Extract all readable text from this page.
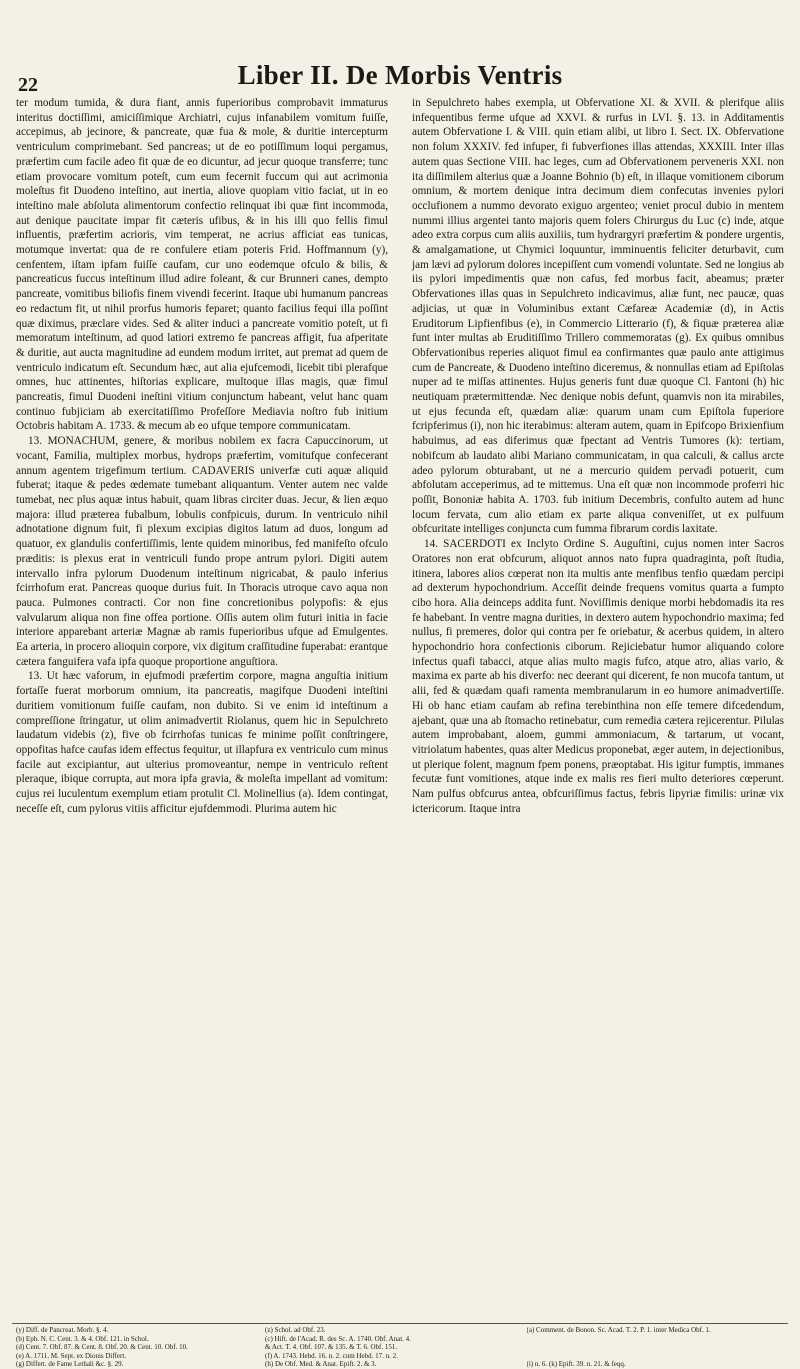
22	Liber II. De Morbis Ventris

ter modum tumida, & dura fiant, annis fuperioribus comprobavit immaturus interitus doctiſſimi, amiciſſimique Archiatri, cujus infanabilem vomitum fuiſſe, accepimus, ab jecinore, & pancreate, quæ fua & mole, & duritie intercepturm ventriculum comprimebant. Sed pancreas; ut de eo potiſſimum loqui pergamus, præfertim cum facile adeo fit quæ de eo dicuntur, ad jecur quoque transferre; tunc etiam provocare vomitum poteſt, cum eum fecernit fuccum qui aut acrimonia moleſtus fit Duodeno inteſtino, aut inertia, aliove quopiam vitio faciat, ut in eo inteſtino male abſoluta alimentorum confectio relinquat ibi quæ fint incommoda, aut denique paucitate impar fit cæteris ufibus, & in his illi quo fellis fimul influentis, præfertim acrioris, vim temperat, ne acrius afficiat eas tunicas, motumque invertat: qua de re confulere etiam poteris Frid. Hoffmannum (y), cenfentem, iſtam ipfam fuiſſe caufam, cur uno eodemque ofculo & bilis, & pancreaticus fuccus inteſtinum illud adire foleant, & cur Brunneri canes, dempto pancreate, vomitibus biliofis finem vivendi fecerint. Itaque ubi humanum pancreas eo redactum fit, ut nihil prorfus humoris feparet; quanto facilius fequi illa poſſint quæ diximus, præclare vides. Sed & aliter induci a pancreate vomitio poteſt, ut fi memoratum inteſtinum, ad quod latiori extremo fe pancreas affigit, fua afperitate & duritie, aut aucta magnitudine ad eundem modum irritet, aut premat ad quem de ventriculo indicatum eſt. Secundum hæc, aut alia ejufcemodi, licebit tibi plerafque omnes, huc attinentes, hiſtorias explicare, multoque illas magis, quæ fimul pancreatis, fimul Duodeni ineſtini vitium conjunctum habeant, velut hanc quam continuo fubjiciam ab exercitatiſſimo Profeſſore Mediavia noſtro fub initium Octobris habitam A. 1733. & mecum ab eo ufque tempore communicatam.

13. MONACHUM, genere, & moribus nobilem ex facra Capuccinorum, ut vocant, Familia, multiplex morbus, hydrops præfertim, vomitufque confecerant annum agentem trigefimum tertium. CADAVERIS univerfæ cuti aquæ aliquid fuberat; itaque & pedes œdemate tumebant aliquantum. Venter autem nec valde tumebat, nec plus aquæ intus habuit, quam libras circiter duas. Jecur, & lien æquo majora: illud præterea fubalbum, lobulis confpicuis, durum. In ventriculo nihil adnotatione dignum fuit, fi plexum excipias digitos latum ad duos, longum ad quatuor, ex glandulis confertiſſimis, lente quidem minoribus, fed manifeſto ofculo præditis: is plexus erat in ventriculi fundo prope antrum pylori. Digiti autem intervallo infra pylorum Duodenum inteſtinum nigricabat, & paulo inferius fcirrhofum erat. Pancreas quoque durius fuit. In Thoracis utroque cavo aqua non pauca. Pulmones contracti. Cor non fine concretionibus polypofis: & ejus valvularum aliqua non fine offea portione. Oſſis autem olim futuri initia in facie interiore apparebant arteriæ Magnæ ab ramis fuperioribus ufque ad Emulgentes. Ea arteria, in procero alioquin corpore, vix digitum craſſitudine fuperabat: erantque cætera fanguifera vafa ipfa quoque proportione anguſtiora.

13. Ut hæc vaforum, in ejufmodi præfertim corpore, magna anguſtia initium fortaſſe fuerat morborum omnium, ita pancreatis, magifque Duodeni inteſtini duritiem vomitionum fuiſſe caufam, non dubito. Si ve enim id inteſtinum a compreſſione ſtringatur, ut olim animadvertit Riolanus, quem hic in Sepulchreto laudatum videbis (z), five ob fcirrhofas tunicas fe minime poſſit conſtringere, oppofitas hafce caufas idem effectus fequitur, ut illapfura ex ventriculo cum minus facile aut excipiantur, aut ulterius promoveantur, nempe in ventriculo reſtent pleraque, ibique corrupta, aut mora ipfa gravia, & moleſta impellant ad vomitum: cujus rei luculentum exemplum etiam protulit Cl. Molinellius (a). Idem contingat, neceſſe eſt, cum pylorus vitiis afficitur ejufdemmodi. Plurima autem hic

in Sepulchreto habes exempla, ut Obfervatione XI. & XVII. & plerifque aliis infequentibus ferme ufque ad XXVI. & rurfus in LVI. §. 13. in Additamentis autem Obfervatione I. & VIII. quin etiam alibi, ut libro I. Sect. IX. Obfervatione non folum XXXIV. fed infuper, fi fubverfiones illas attendas, XXXIII. Inter illas autem quas Sectione VIII. hac leges, cum ad Obfervationem perveneris XXI. non ita diſſimilem alterius quæ a Joanne Bohnio (b) eſt, in illaque vomitionem ciborum omnium, & mortem denique intra decimum diem confecutas invenies pylori occlufionem a nummo devorato exiguo argenteo; veniet procul dubio in mentem nummi illius argentei tanto majoris quem folers Chirurgus du Luc (c) inde, atque adeo extra corpus cum aliis auxiliis, tum hydrargyri præfertim & pondere urgentis, & amalgamatione, ut Chymici loquuntur, imminuentis feliciter deturbavit, cum jam lævi ad pylorum dolores incepiſſent cum vomendi voluntate. Sed ne longius ab iis pylori impedimentis quæ non cafus, fed morbus facit, abeamus; præter Obfervationes illas quas in Sepulchreto indicavimus, aliæ funt, nec paucæ, quas adjicias, ut quæ in Voluminibus extant Cæfareæ Academiæ (d), in Actis Eruditorum Lipfienfibus (e), in Commercio Litterario (f), & fiquæ præterea aliæ funt inter multas ab Eruditiſſimo Trillero commemoratas (g). Ex quibus omnibus Obfervationibus reperies aliquot fimul ea confirmantes quæ paulo ante attigimus cum de Pancreate, & Duodeno inteſtino diceremus, & nonnullas etiam ad Epiſtolas nuper ad te miſſas attinentes. Hujus generis funt duæ quoque Cl. Fantoni (h) hic neutiquam prætermittendæ. Nec denique nobis defunt, quamvis non ita mirabiles, ut ejus fecunda eſt, quædam aliæ: quarum unam cum Epiſtola fuperiore fcripferimus (i), non hic iterabimus: alteram autem, quam in Epifcopo Brixienfium habuimus, ad eas diferimus quæ fpectant ad Ventris Tumores (k): tertiam, nobifcum ab laudato alibi Mariano communicatam, in qua calculi, & callus arcte adeo pylorum obturabant, ut ne a mercurio quidem pervadi potuerit, cum abfolutam acceperimus, ad te mittemus. Una eſt quæ non incommode proferri hic poſſit, Bononiæ habita A. 1703. fub initium Decembris, confulto autem ad hunc locum fervata, cum alio etiam ex parte aliqua conveniſſet, ut ex pulfuum obfcuritate intelliges conjuncta cum fumma fibrarum cordis laxitate.

14. SACERDOTI ex Inclyto Ordine S. Auguſtini, cujus nomen inter Sacros Oratores non erat obfcurum, aliquot annos nato fupra quadraginta, poſt ſtudia, itinera, labores alios cœperat non ita multis ante menfibus tenfio quædam percipi ad dexterum hypochondrium. Acceſſit deinde frequens vomitus quarta a fumpto cibo hora. Alia deinceps addita funt. Noviſſimis denique morbi hebdomadis ita res fe habebant. In ventre magna durities, in dextero autem hypochondrio maxima; fed nullus, fi premeres, dolor qui contra per fe oriebatur, & acerbus quidem, in altero hypochondrio hora confectionis ciborum. Rejiciebatur humor aliquando colore infectus quafi tabacci, atque alias multo magis fufco, atque atro, alias vario, & maxima ex parte ab his diverfo: nec deerant qui dicerent, fe non mucofa tantum, ut alii, fed & quædam quafi ramenta membranularum in eo humore animadvertiſſe. Hi ob hanc etiam caufam ab refina terebinthina non eſſe temere difcedendum, ajebant, quæ una ab ſtomacho retinebatur, cum remedia cætera rejicerentur. Pilulas autem improbabant, aloem, gummi ammoniacum, & tartarum, ut vocant, vitriolatum habentes, quas alter Medicus proponebat, æger autem, in dejectionibus, ut plerique folent, magnum fpem ponens, præoptabat. His igitur fumptis, immanes fecutæ funt vomitiones, atque inde ex malis res fieri multo deteriores cœperunt. Nam pulfus obfcurus antea, obfcuriſſimus factus, febris lipyriæ fimilis: urinæ vix ictericorum. Itaque intra

(y) Diff. de Pancreat. Morb. §. 4.	(z) Schol. ad Obf. 23.	(a) Comment. de Bonon. Sc. Acad. T. 2. P. 1. inter Medica Obf. 1.
(b) Eph. N. C. Cent. 3. & 4. Obf. 121. in Schol.	(c) Hift. de l'Acad. R. des Sc. A. 1740. Obf. Anat. 4.
(d) Cent. 7. Obf. 87. & Cent. 8. Obf. 20. & Cent. 10. Obf. 10.	& Act. T. 4. Obf. 107. & 135. & T. 6. Obf. 151.
(e) A. 1711. M. Sept. ex Dionis Differt.	(f) A. 1743. Hebd. 16. n. 2. cum Hebd. 17. n. 2.
(g) Differt. de Fame Lethali &c. §. 29.	(h) De Obf. Med. & Anat. Epift. 2. & 3.	(i) n. 6. (k) Epift. 39. n. 21. & feqq.
